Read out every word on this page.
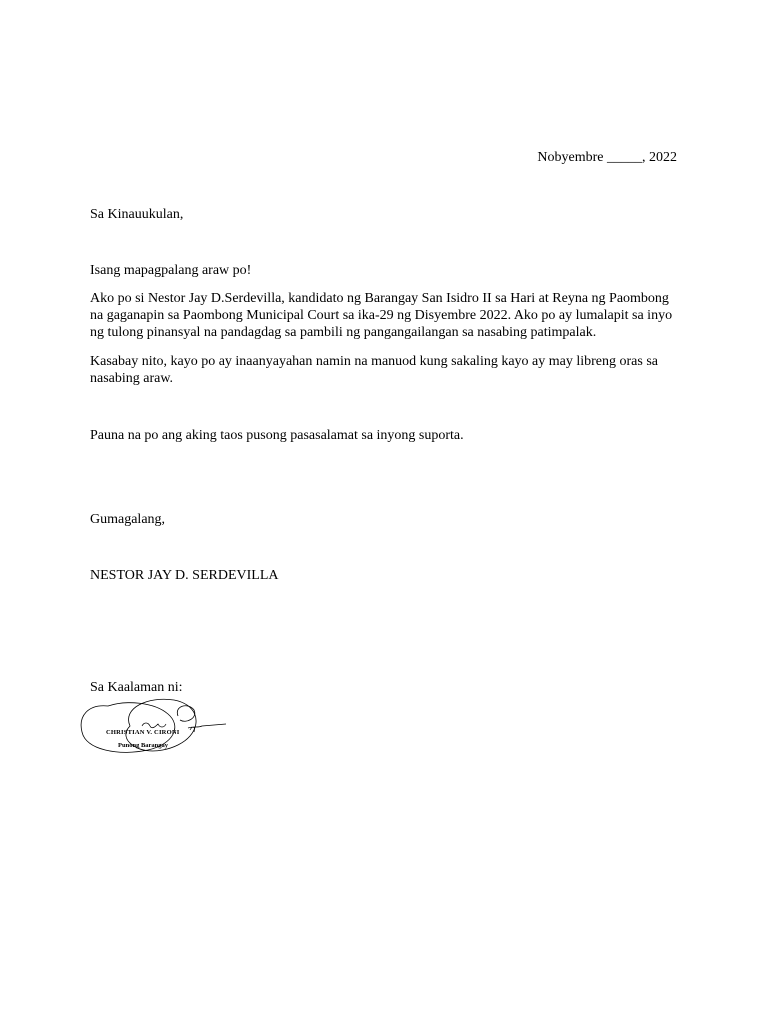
Nobyembre _____, 2022
Sa Kinauukulan,
Isang mapagpalang araw po!
Ako po si Nestor Jay D.Serdevilla, kandidato ng Barangay San Isidro II sa Hari at Reyna ng Paombong na gaganapin sa Paombong Municipal Court sa ika-29 ng Disyembre 2022. Ako po ay lumalapit sa inyo ng tulong pinansyal na pandagdag sa pambili ng pangangailangan sa nasabing patimpalak.
Kasabay nito, kayo po ay inaanyayahan namin na manuod kung sakaling kayo ay may libreng oras sa nasabing araw.
Pauna na po ang aking taos pusong pasasalamat sa inyong suporta.
Gumagalang,
NESTOR JAY D. SERDEVILLA
Sa Kaalaman ni:
CHRISTIAN V. CIRONI
Punong Barangay
